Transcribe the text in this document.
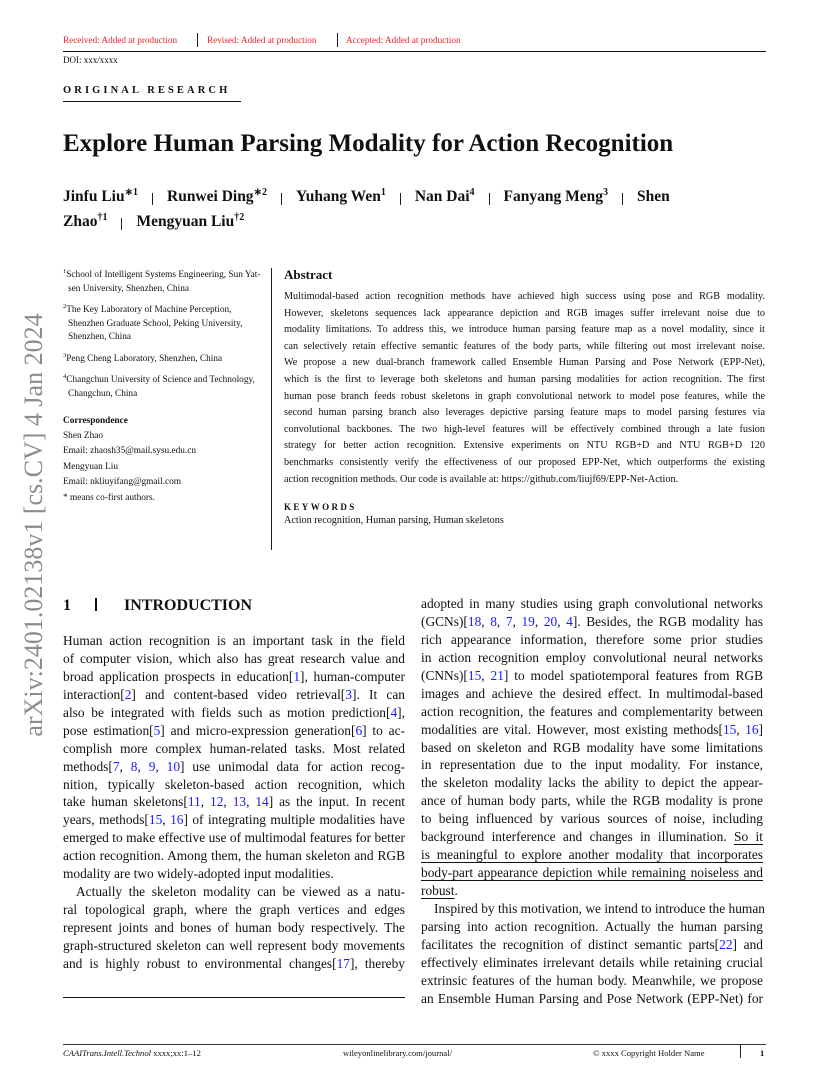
Received: Added at production	Revised: Added at production	Accepted: Added at production
DOI: xxx/xxxx
ORIGINAL RESEARCH
Explore Human Parsing Modality for Action Recognition
Jinfu Liu$^{∗1}$ Runwei Ding$^{∗2}$ Yuhang Wen$^1$ Nan Dai$^4$ Fanyang Meng$^3$ Shen
Zhao$^{\dagger 1}$ Mengyuan Liu$^{\dagger 2}$
$^1$School of Intelligent Systems Engineering, Sun Yat-sen University, Shenzhen, China
$^2$The Key Laboratory of Machine Perception, Shenzhen Graduate School, Peking University, Shenzhen, China
$^3$Peng Cheng Laboratory, Shenzhen, China
$^4$Changchun University of Science and Technology, Changchun, China
Correspondence
Shen Zhao
Email: zhaosh35@mail.sysu.edu.cn
Mengyuan Liu
Email: nkliuyifang@gmail.com
* means co-first authors.
Abstract
Multimodal-based action recognition methods have achieved high success using pose and RGB modality.
However, skeletons sequences lack appearance depiction and RGB images suffer irrelevant noise due to
modality limitations. To address this, we introduce human parsing feature map as a novel modality, since it
can selectively retain effective semantic features of the body parts, while filtering out most irrelevant noise.
We propose a new dual-branch framework called Ensemble Human Parsing and Pose Network (EPP-Net),
which is the first to leverage both skeletons and human parsing modalities for action recognition. The first
human pose branch feeds robust skeletons in graph convolutional network to model pose features, while the
second human parsing branch also leverages depictive parsing feature maps to model parsing festures via
convolutional backbones. The two high-level features will be effectively combined through a late fusion
strategy for better action recognition. Extensive experiments on NTU RGB+D and NTU RGB+D 120
benchmarks consistently verify the effectiveness of our proposed EPP-Net, which outperforms the existing
action recognition methods. Our code is available at: https://github.com/liujf69/EPP-Net-Action.
KEYWORDS
Action recognition, Human parsing, Human skeletons
1	INTRODUCTION
Human action recognition is an important task in the field
of computer vision, which also has great research value and
broad application prospects in education[1], human-computer
interaction[2] and content-based video retrieval[3]. It can
also be integrated with fields such as motion prediction[4],
pose estimation[5] and micro-expression generation[6] to ac-
complish more complex human-related tasks. Most related
methods[7, 8, 9, 10] use unimodal data for action recog-
nition, typically skeleton-based action recognition, which
take human skeletons[11, 12, 13, 14] as the input. In recent
years, methods[15, 16] of integrating multiple modalities have
emerged to make effective use of multimodal features for better
action recognition. Among them, the human skeleton and RGB
modality are two widely-adopted input modalities.
Actually the skeleton modality can be viewed as a natu-
ral topological graph, where the graph vertices and edges
represent joints and bones of human body respectively. The
graph-structured skeleton can well represent body movements
and is highly robust to environmental changes[17], thereby
adopted in many studies using graph convolutional networks
(GCNs)[18, 8, 7, 19, 20, 4]. Besides, the RGB modality has
rich appearance information, therefore some prior studies
in action recognition employ convolutional neural networks
(CNNs)[15, 21] to model spatiotemporal features from RGB
images and achieve the desired effect. In multimodal-based
action recognition, the features and complementarity between
modalities are vital. However, most existing methods[15, 16]
based on skeleton and RGB modality have some limitations
in representation due to the input modality. For instance,
the skeleton modality lacks the ability to depict the appear-
ance of human body parts, while the RGB modality is prone
to being influenced by various sources of noise, including
background interference and changes in illumination. So it
is meaningful to explore another modality that incorporates
body-part appearance depiction while remaining noiseless and
robust.
Inspired by this motivation, we intend to introduce the human
parsing into action recognition. Actually the human parsing
facilitates the recognition of distinct semantic parts[22] and
effectively eliminates irrelevant details while retaining crucial
extrinsic features of the human body. Meanwhile, we propose
an Ensemble Human Parsing and Pose Network (EPP-Net) for
CAAITrans.Intell.Technol xxxx;xx:1–12	wileyonlinelibrary.com/journal/	© xxxx Copyright Holder Name	1
arXiv:2401.02138v1 [cs.CV] 4 Jan 2024
